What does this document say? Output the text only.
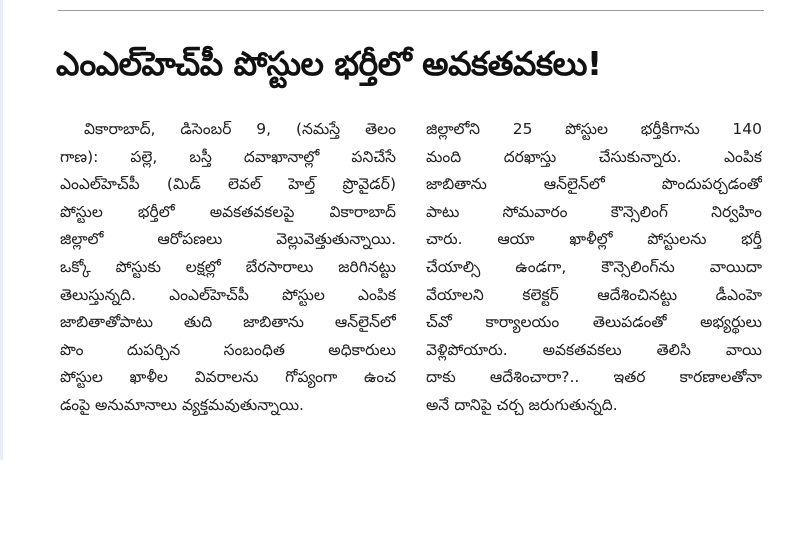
ఎంఎల్‌హెచ్‌పీ పోస్టుల భర్తీలో అవకతవకలు!
వికారాబాద్, డిసెంబర్ 9, (నమస్తే తెలం
గాణ): పల్లె, బస్తీ దవాఖానాల్లో పనిచేసే
ఎంఎల్‌హెచ్‌పీ (మిడ్ లెవల్ హెల్త్ ప్రొవైడర్)
పోస్టుల భర్తీలో అవకతవకలపై వికారాబాద్
జిల్లాలో ఆరోపణలు వెల్లువెత్తుతున్నాయి.
ఒక్కో పోస్టుకు లక్షల్లో బేరసారాలు జరిగినట్టు
తెలుస్తున్నది. ఎంఎల్‌హెచ్‌పీ పోస్టుల ఎంపిక
జాబితాతోపాటు తుది జాబితాను ఆన్‌లైన్‌లో
పొం దుపర్చిన సంబంధిత అధికారులు
పోస్టుల ఖాళీల వివరాలను గోప్యంగా ఉంచ
డంపై అనుమానాలు వ్యక్తమవుతున్నాయి.
జిల్లాలోని 25 పోస్టుల భర్తీకిగాను 140
మంది దరఖాస్తు చేసుకున్నారు. ఎంపిక
జాబితాను ఆన్‌లైన్‌లో పొందుపర్చడంతో
పాటు సోమవారం కౌన్సెలింగ్ నిర్వహిం
చారు. ఆయా ఖాళీల్లో పోస్టులను భర్తీ
చేయాల్సి ఉండగా, కౌన్సెలింగ్‌ను వాయిదా
వేయాలని కలెక్టర్ ఆదేశించినట్టు డీఎంహె
చ్‌వో కార్యాలయం తెలుపడంతో అభ్యర్థులు
వెళ్లిపోయారు. అవకతవకలు తెలిసి వాయి
దాకు ఆదేశించారా?.. ఇతర కారణాలతోనా
అనే దానిపై చర్చ జరుగుతున్నది.
